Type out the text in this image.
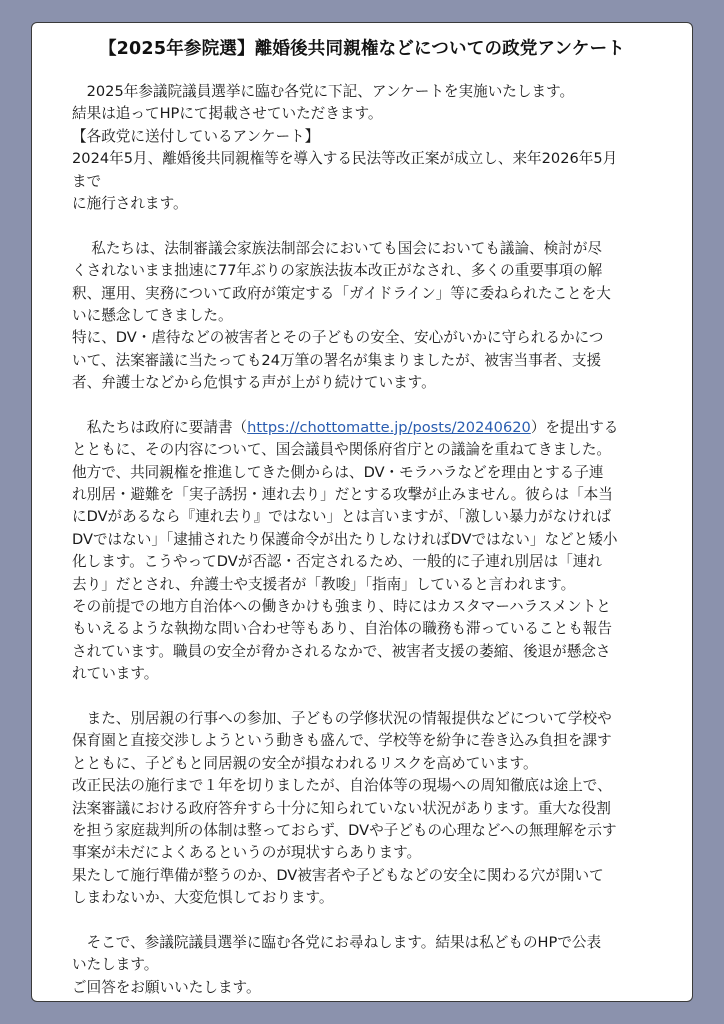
【2025年参院選】離婚後共同親権などについての政党アンケート
　2025年参議院議員選挙に臨む各党に下記、アンケートを実施いたします。
結果は追ってHPにて掲載させていただきます。
【各政党に送付しているアンケート】
2024年5月、離婚後共同親権等を導入する民法等改正案が成立し、来年2026年5月
まで
に施行されます。
　 私たちは、法制審議会家族法制部会においても国会においても議論、検討が尽
くされないまま拙速に77年ぶりの家族法抜本改正がなされ、多くの重要事項の解
釈、運用、実務について政府が策定する「ガイドライン」等に委ねられたことを大
いに懸念してきました。
特に、DV・虐待などの被害者とその子どもの安全、安心がいかに守られるかにつ
いて、法案審議に当たっても24万筆の署名が集まりましたが、被害当事者、支援
者、弁護士などから危惧する声が上がり続けています。
　私たちは政府に要請書（https://chottomatte.jp/posts/20240620）を提出する
とともに、その内容について、国会議員や関係府省庁との議論を重ねてきました。
他方で、共同親権を推進してきた側からは、DV・モラハラなどを理由とする子連
れ別居・避難を「実子誘拐・連れ去り」だとする攻撃が止みません。彼らは「本当
にDVがあるなら『連れ去り』ではない」とは言いますが、「激しい暴力がなければ
DVではない」「逮捕されたり保護命令が出たりしなければDVではない」などと矮小
化します。こうやってDVが否認・否定されるため、一般的に子連れ別居は「連れ
去り」だとされ、弁護士や支援者が「教唆」「指南」していると言われます。
その前提での地方自治体への働きかけも強まり、時にはカスタマーハラスメントと
もいえるような執拗な問い合わせ等もあり、自治体の職務も滞っていることも報告
されています。職員の安全が脅かされるなかで、被害者支援の萎縮、後退が懸念さ
れています。
　また、別居親の行事への参加、子どもの学修状況の情報提供などについて学校や
保育園と直接交渉しようという動きも盛んで、学校等を紛争に巻き込み負担を課す
とともに、子どもと同居親の安全が損なわれるリスクを高めています。
改正民法の施行まで１年を切りましたが、自治体等の現場への周知徹底は途上で、
法案審議における政府答弁すら十分に知られていない状況があります。重大な役割
を担う家庭裁判所の体制は整っておらず、DVや子どもの心理などへの無理解を示す
事案が未だによくあるというのが現状すらあります。
果たして施行準備が整うのか、DV被害者や子どもなどの安全に関わる穴が開いて
しまわないか、大変危惧しております。
　そこで、参議院議員選挙に臨む各党にお尋ねします。結果は私どものHPで公表
いたします。
ご回答をお願いいたします。
